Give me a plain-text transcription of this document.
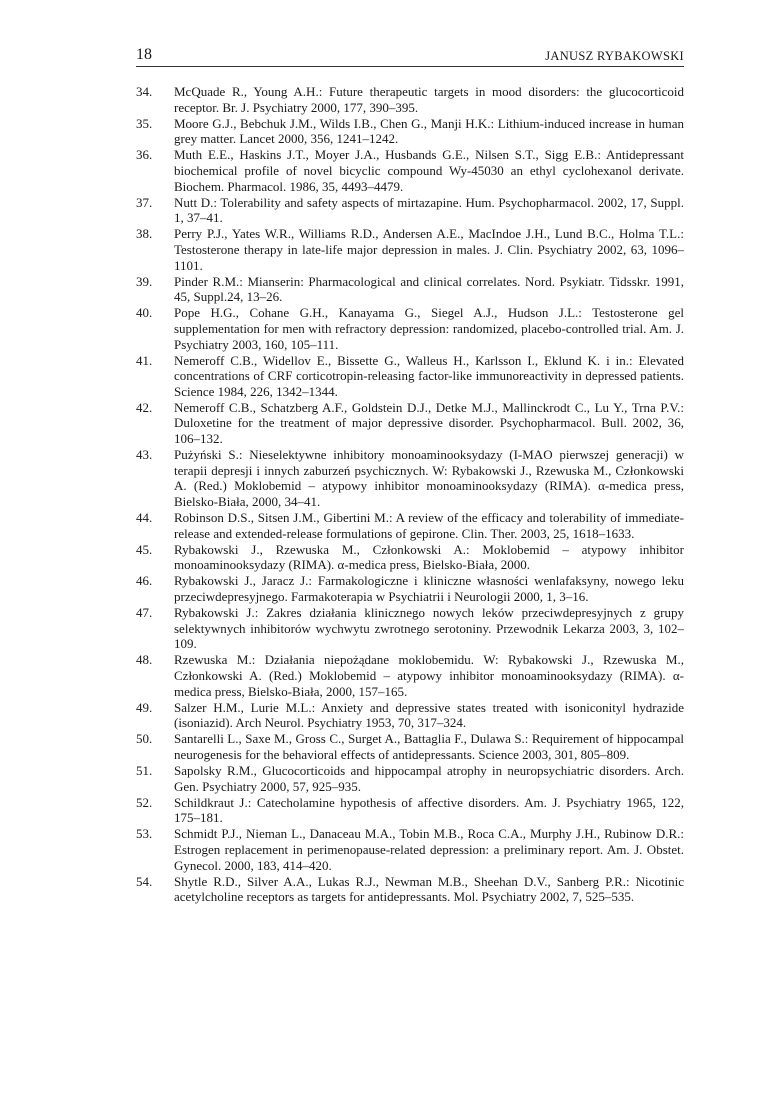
18	JANUSZ RYBAKOWSKI
34. McQuade R., Young A.H.: Future therapeutic targets in mood disorders: the glucocorticoid receptor. Br. J. Psychiatry 2000, 177, 390–395.
35. Moore G.J., Bebchuk J.M., Wilds I.B., Chen G., Manji H.K.: Lithium-induced increase in human grey matter. Lancet 2000, 356, 1241–1242.
36. Muth E.E., Haskins J.T., Moyer J.A., Husbands G.E., Nilsen S.T., Sigg E.B.: Antidepressant biochemical profile of novel bicyclic compound Wy-45030 an ethyl cyclohexanol derivate. Biochem. Pharmacol. 1986, 35, 4493–4479.
37. Nutt D.: Tolerability and safety aspects of mirtazapine. Hum. Psychopharmacol. 2002, 17, Suppl. 1, 37–41.
38. Perry P.J., Yates W.R., Williams R.D., Andersen A.E., MacIndoe J.H., Lund B.C., Holma T.L.: Testosterone therapy in late-life major depression in males. J. Clin. Psychiatry 2002, 63, 1096–1101.
39. Pinder R.M.: Mianserin: Pharmacological and clinical correlates. Nord. Psykiatr. Tidsskr. 1991, 45, Suppl.24, 13–26.
40. Pope H.G., Cohane G.H., Kanayama G., Siegel A.J., Hudson J.L.: Testosterone gel supplementation for men with refractory depression: randomized, placebo-controlled trial. Am. J. Psychiatry 2003, 160, 105–111.
41. Nemeroff C.B., Widellov E., Bissette G., Walleus H., Karlsson I., Eklund K. i in.: Elevated concentrations of CRF corticotropin-releasing factor-like immunoreactivity in depressed patients. Science 1984, 226, 1342–1344.
42. Nemeroff C.B., Schatzberg A.F., Goldstein D.J., Detke M.J., Mallinckrodt C., Lu Y., Trna P.V.: Duloxetine for the treatment of major depressive disorder. Psychopharmacol. Bull. 2002, 36, 106–132.
43. Pużyński S.: Nieselektywne inhibitory monoaminooksydazy (I-MAO pierwszej generacji) w terapii depresji i innych zaburzeń psychicznych. W: Rybakowski J., Rzewuska M., Członkowski A. (Red.) Moklobemid – atypowy inhibitor monoaminooksydazy (RIMA). α-medica press, Bielsko-Biała, 2000, 34–41.
44. Robinson D.S., Sitsen J.M., Gibertini M.: A review of the efficacy and tolerability of immediate-release and extended-release formulations of gepirone. Clin. Ther. 2003, 25, 1618–1633.
45. Rybakowski J., Rzewuska M., Członkowski A.: Moklobemid – atypowy inhibitor monoaminooksydazy (RIMA). α-medica press, Bielsko-Biała, 2000.
46. Rybakowski J., Jaracz J.: Farmakologiczne i kliniczne własności wenlafaksyny, nowego leku przeciwdepresyjnego. Farmakoterapia w Psychiatrii i Neurologii 2000, 1, 3–16.
47. Rybakowski J.: Zakres działania klinicznego nowych leków przeciwdepresyjnych z grupy selektywnych inhibitorów wychwytu zwrotnego serotoniny. Przewodnik Lekarza 2003, 3, 102–109.
48. Rzewuska M.: Działania niepożądane moklobemidu. W: Rybakowski J., Rzewuska M., Członkowski A. (Red.) Moklobemid – atypowy inhibitor monoaminooksydazy (RIMA). α-medica press, Bielsko-Biała, 2000, 157–165.
49. Salzer H.M., Lurie M.L.: Anxiety and depressive states treated with isoniconityl hydrazide (isoniazid). Arch Neurol. Psychiatry 1953, 70, 317–324.
50. Santarelli L., Saxe M., Gross C., Surget A., Battaglia F., Dulawa S.: Requirement of hippocampal neurogenesis for the behavioral effects of antidepressants. Science 2003, 301, 805–809.
51. Sapolsky R.M., Glucocorticoids and hippocampal atrophy in neuropsychiatric disorders. Arch. Gen. Psychiatry 2000, 57, 925–935.
52. Schildkraut J.: Catecholamine hypothesis of affective disorders. Am. J. Psychiatry 1965, 122, 175–181.
53. Schmidt P.J., Nieman L., Danaceau M.A., Tobin M.B., Roca C.A., Murphy J.H., Rubinow D.R.: Estrogen replacement in perimenopause-related depression: a preliminary report. Am. J. Obstet. Gynecol. 2000, 183, 414–420.
54. Shytle R.D., Silver A.A., Lukas R.J., Newman M.B., Sheehan D.V., Sanberg P.R.: Nicotinic acetylcholine receptors as targets for antidepressants. Mol. Psychiatry 2002, 7, 525–535.
